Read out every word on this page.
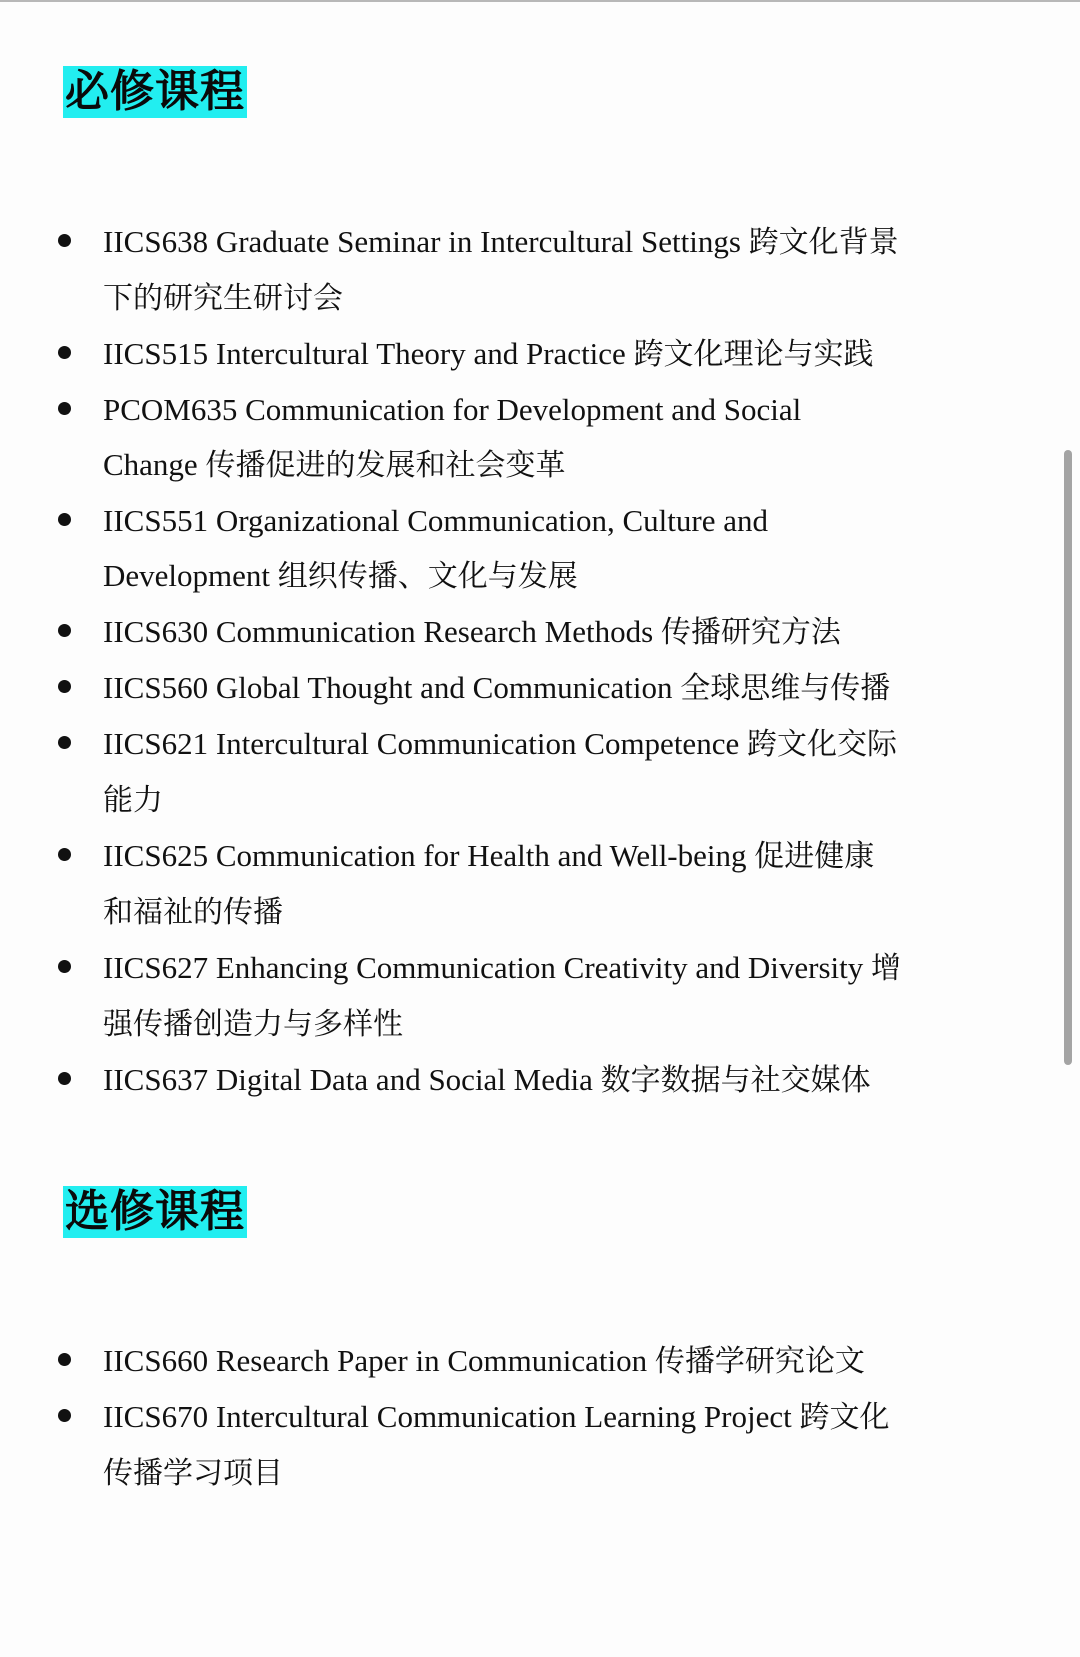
必修课程
IICS638 Graduate Seminar in Intercultural Settings 跨文化背景下的研究生研讨会
IICS515 Intercultural Theory and Practice 跨文化理论与实践
PCOM635 Communication for Development and Social Change 传播促进的发展和社会变革
IICS551 Organizational Communication, Culture and Development 组织传播、文化与发展
IICS630 Communication Research Methods 传播研究方法
IICS560 Global Thought and Communication 全球思维与传播
IICS621 Intercultural Communication Competence 跨文化交际能力
IICS625 Communication for Health and Well-being 促进健康和福祉的传播
IICS627 Enhancing Communication Creativity and Diversity 增强传播创造力与多样性
IICS637 Digital Data and Social Media 数字数据与社交媒体
选修课程
IICS660 Research Paper in Communication 传播学研究论文
IICS670 Intercultural Communication Learning Project 跨文化传播学习项目
